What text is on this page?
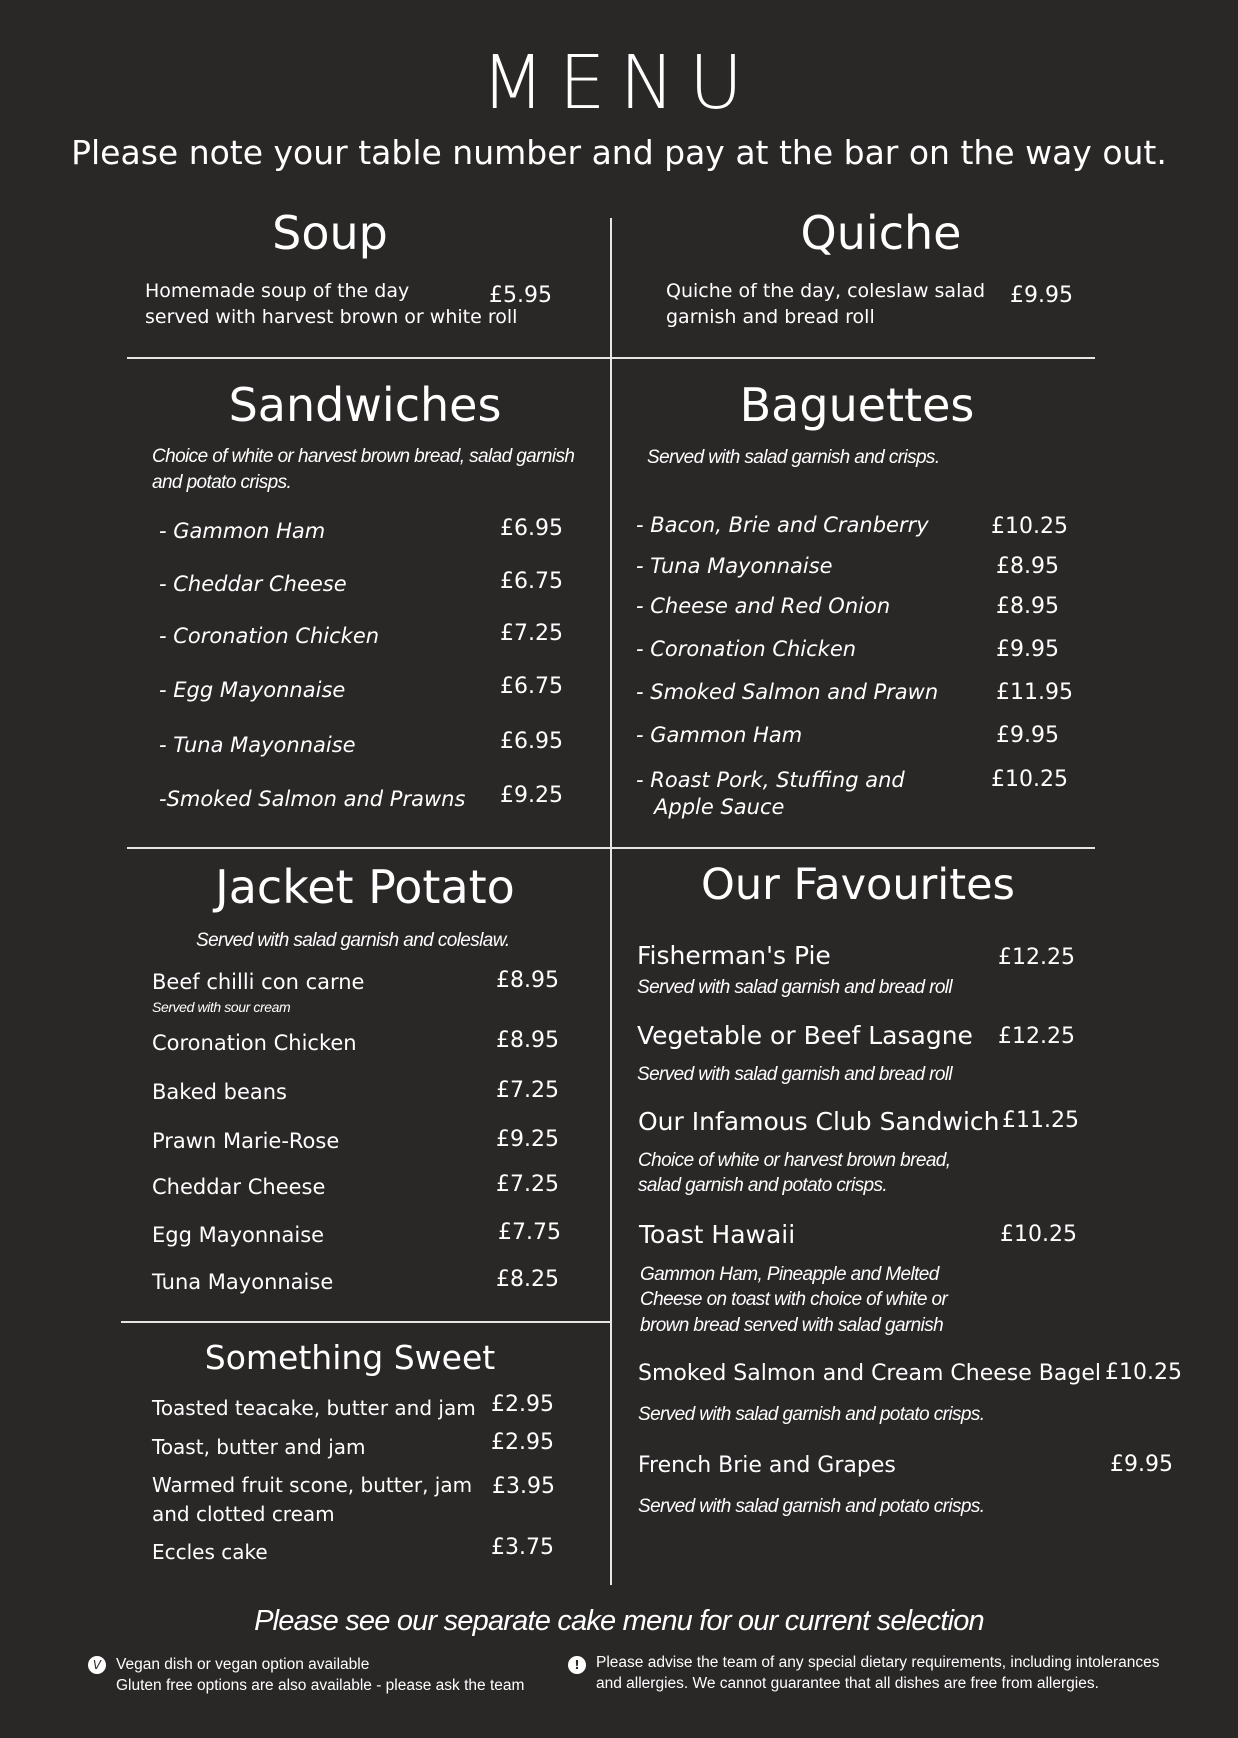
MENU
Please note your table number and pay at the bar on the way out.
Soup
Homemade soup of the day
served with harvest brown or white roll
£5.95
Quiche
Quiche of the day, coleslaw salad
garnish and bread roll
£9.95
Sandwiches
Choice of white or harvest brown bread, salad garnish
and potato crisps.
- Gammon Ham	£6.95
- Cheddar Cheese	£6.75
- Coronation Chicken	£7.25
- Egg Mayonnaise	£6.75
- Tuna Mayonnaise	£6.95
-Smoked Salmon and Prawns £9.25
Baguettes
Served with salad garnish and crisps.
- Bacon, Brie and Cranberry	£10.25
- Tuna Mayonnaise	£8.95
- Cheese and Red Onion	£8.95
- Coronation Chicken	£9.95
- Smoked Salmon and Prawn	£11.95
- Gammon Ham	£9.95
- Roast Pork, Stuffing and
Apple Sauce
£10.25
Jacket Potato
Served with salad garnish and coleslaw.
Beef chilli con carne
Served with sour cream
£8.95
Coronation Chicken	£8.95
Baked beans	£7.25
Prawn Marie-Rose	£9.25
Cheddar Cheese	£7.25
Egg Mayonnaise	£7.75
Tuna Mayonnaise	£8.25
Something Sweet
Toasted teacake, butter and jam £2.95
Toast, butter and jam	£2.95
Warmed fruit scone, butter, jam
and clotted cream
£3.95
Eccles cake	£3.75
Our Favourites
Fisherman's Pie	£12.25
Served with salad garnish and bread roll
Vegetable or Beef Lasagne £12.25
Served with salad garnish and bread roll
Our Infamous Club Sandwich £11.25
Choice of white or harvest brown bread,
salad garnish and potato crisps.
Toast Hawaii	£10.25
Gammon Ham, Pineapple and Melted
Cheese on toast with choice of white or
brown bread served with salad garnish
Smoked Salmon and Cream Cheese Bagel £10.25
Served with salad garnish and potato crisps.
French Brie and Grapes	£9.95
Served with salad garnish and potato crisps.
Please see our separate cake menu for our current selection
V Vegan dish or vegan option available
Gluten free options are also available - please ask the team
!	Please advise the team of any special dietary requirements, including intolerances
and allergies. We cannot guarantee that all dishes are free from allergies.
